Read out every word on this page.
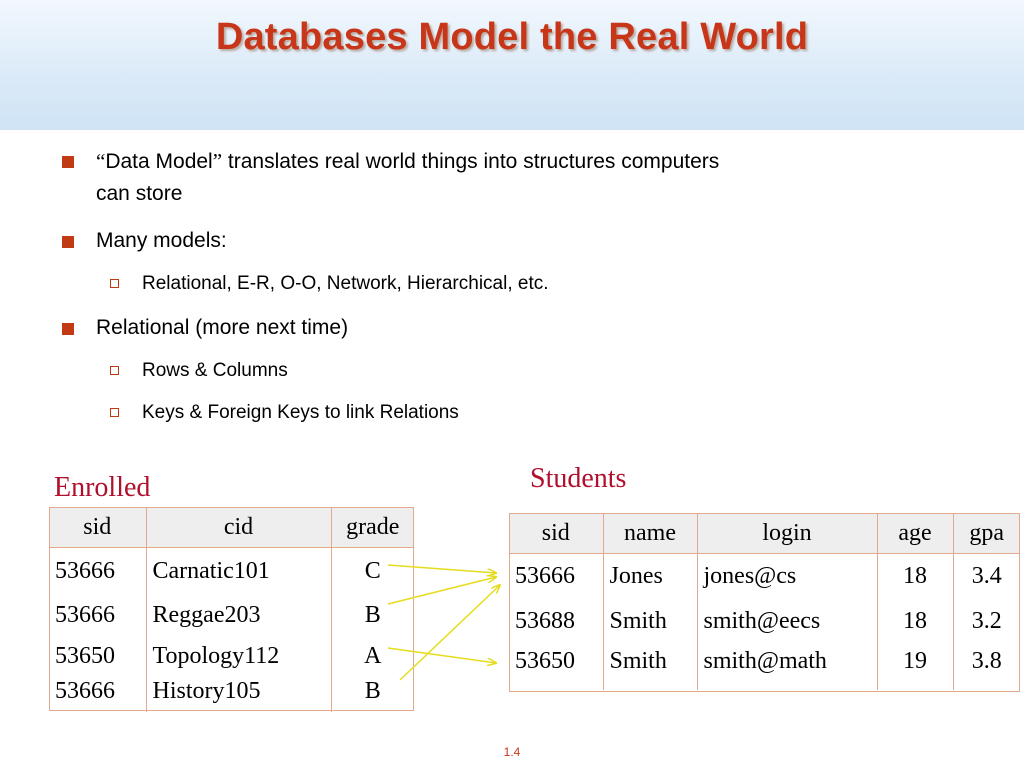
Databases Model the Real World
“Data Model” translates real world things into structures computers
can store
Many models:
Relational, E-R, O-O, Network, Hierarchical, etc.
Relational (more next time)
Rows & Columns
Keys & Foreign Keys to link Relations
Enrolled
sid	cid	grade
53666	Carnatic101	C
53666	Reggae203	B
53650	Topology112	A
53666	History105	B
Students
sid	name	login	age	gpa
53666	Jones	jones@cs	18	3.4
53688	Smith	smith@eecs	18	3.2
53650	Smith	smith@math	19	3.8
1.4
